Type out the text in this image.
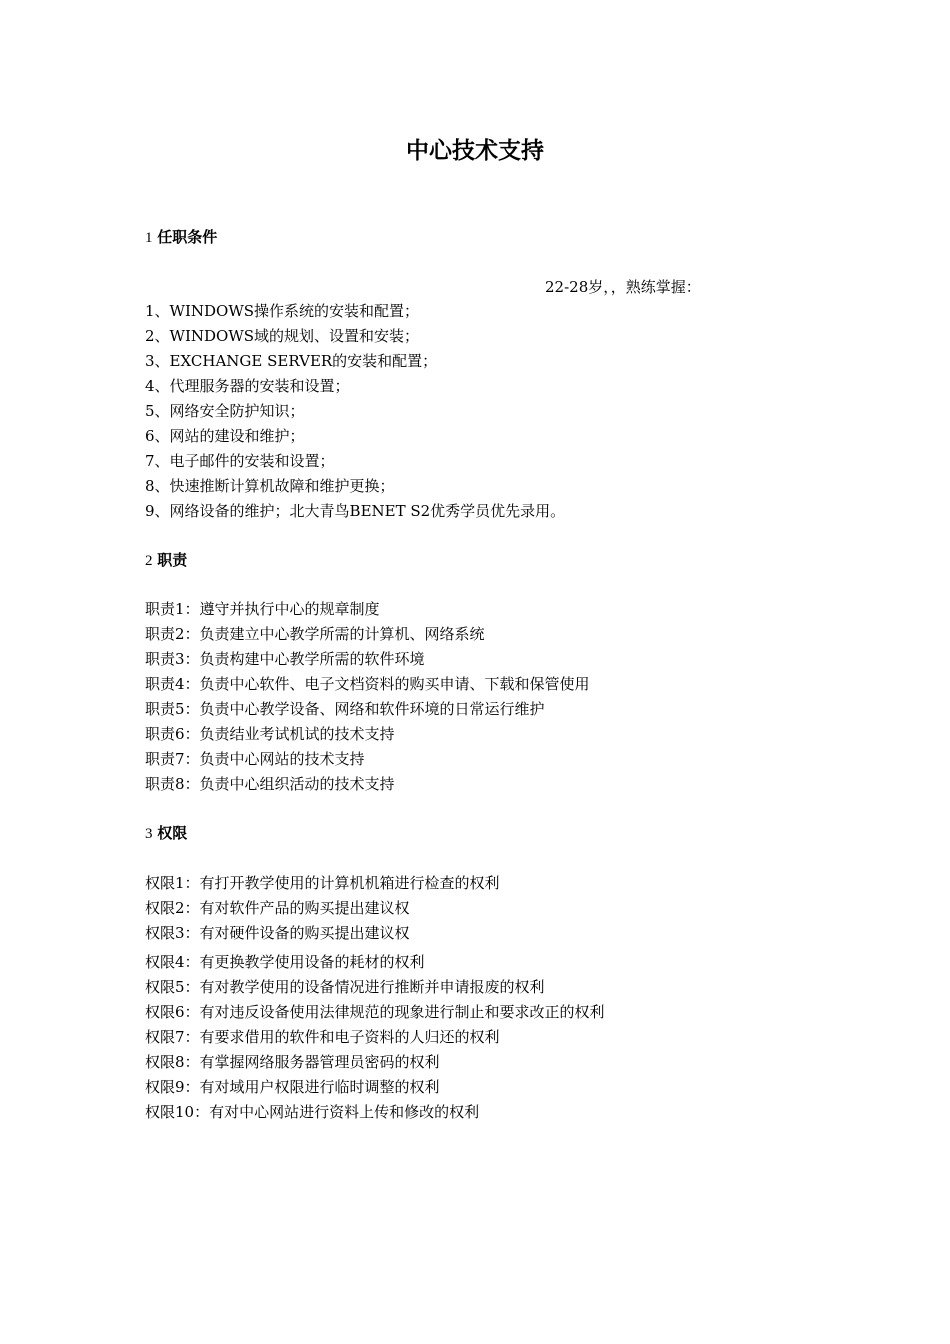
中心技术支持
1 任职条件
22-28岁，，熟练掌握：
1、WINDOWS操作系统的安装和配置；
2、WINDOWS域的规划、设置和安装；
3、EXCHANGE SERVER的安装和配置；
4、代理服务器的安装和设置；
5、网络安全防护知识；
6、网站的建设和维护；
7、电子邮件的安装和设置；
8、快速推断计算机故障和维护更换；
9、网络设备的维护；北大青鸟BENET S2优秀学员优先录用。
2 职责
职责1：遵守并执行中心的规章制度
职责2：负责建立中心教学所需的计算机、网络系统
职责3：负责构建中心教学所需的软件环境
职责4：负责中心软件、电子文档资料的购买申请、下载和保管使用
职责5：负责中心教学设备、网络和软件环境的日常运行维护
职责6：负责结业考试机试的技术支持
职责7：负责中心网站的技术支持
职责8：负责中心组织活动的技术支持
3 权限
权限1：有打开教学使用的计算机机箱进行检查的权利
权限2：有对软件产品的购买提出建议权
权限3：有对硬件设备的购买提出建议权
权限4：有更换教学使用设备的耗材的权利
权限5：有对教学使用的设备情况进行推断并申请报废的权利
权限6：有对违反设备使用法律规范的现象进行制止和要求改正的权利
权限7：有要求借用的软件和电子资料的人归还的权利
权限8：有掌握网络服务器管理员密码的权利
权限9：有对域用户权限进行临时调整的权利
权限10：有对中心网站进行资料上传和修改的权利
